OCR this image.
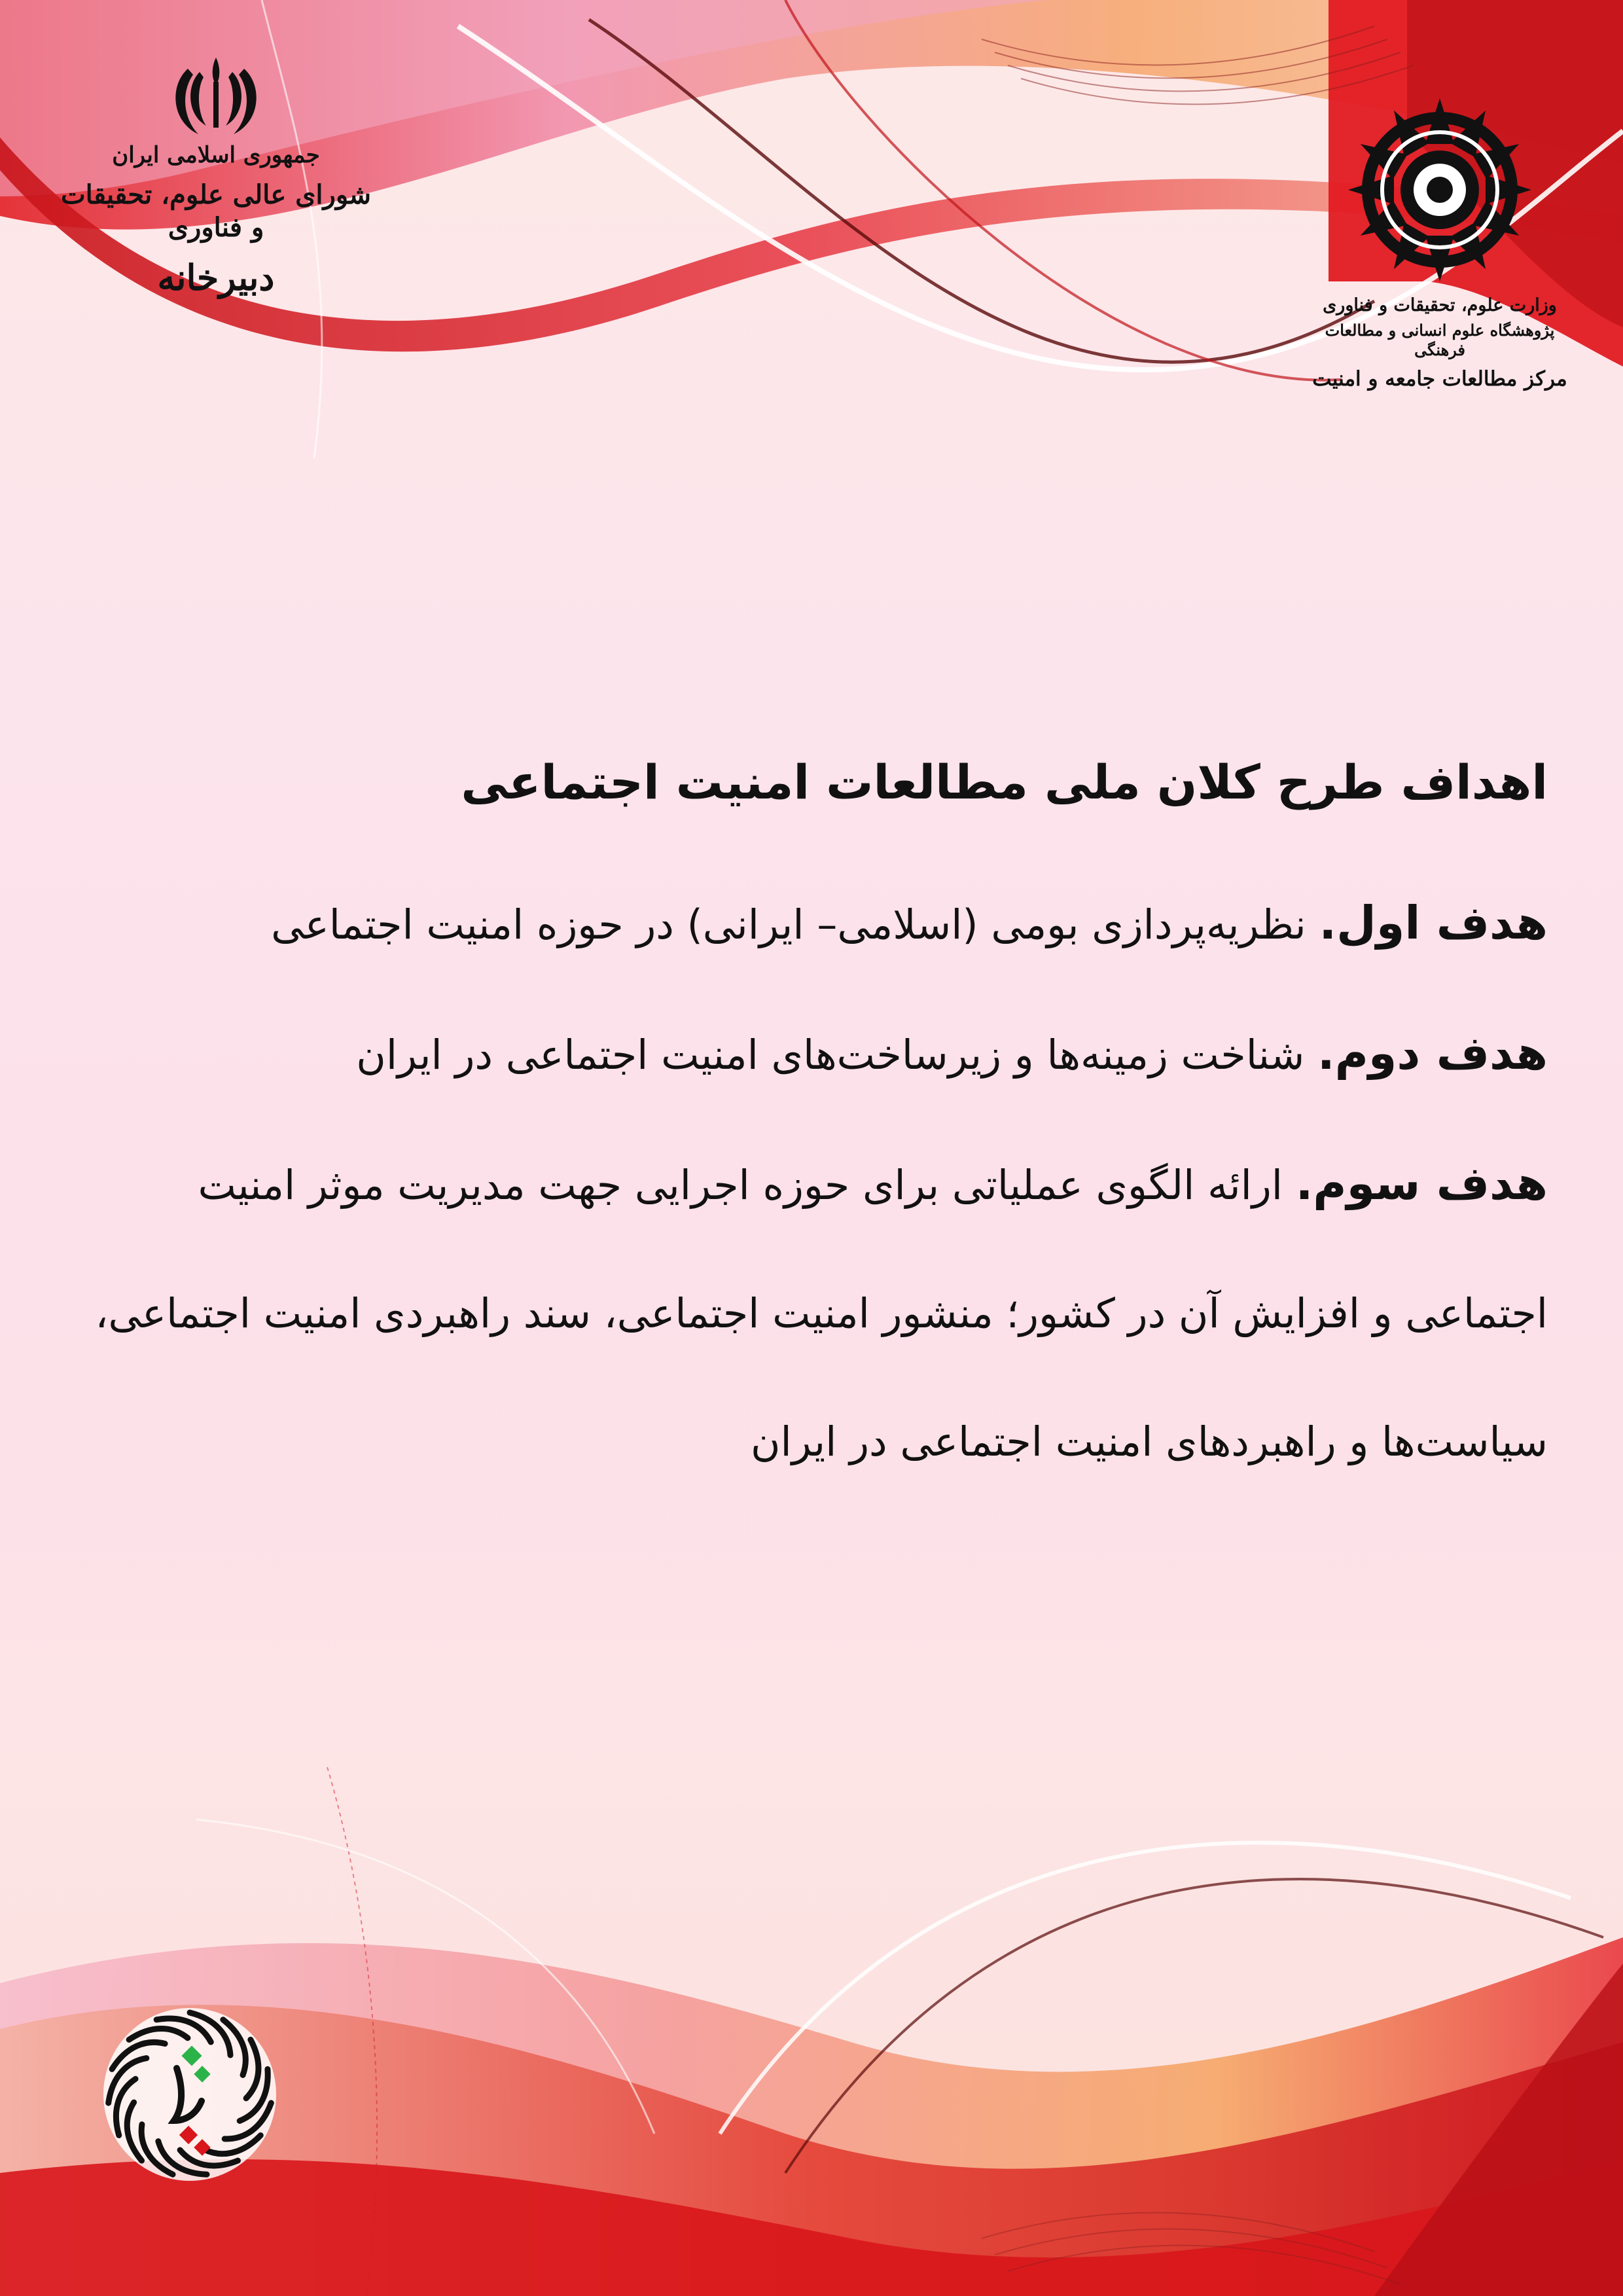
جمهوری اسلامی ایران
شورای عالی علوم، تحقیقات و فناوری
دبیرخانه
وزارت علوم، تحقیقات و فناوری
پژوهشگاه علوم انسانی و مطالعات فرهنگی
مرکز مطالعات جامعه و امنیت
اهداف طرح کلان ملی مطالعات امنیت اجتماعی

هدف اول. نظریه‌پردازی بومی (اسلامی– ایرانی) در حوزه امنیت اجتماعی

هدف دوم. شناخت زمینه‌ها و زیرساخت‌های امنیت اجتماعی در ایران

هدف سوم. ارائه الگوی عملیاتی برای حوزه اجرایی جهت مدیریت موثر امنیت اجتماعی و افزایش آن در کشور؛ منشور امنیت اجتماعی، سند راهبردی امنیت اجتماعی، سیاست‌ها و راهبردهای امنیت اجتماعی در ایران
